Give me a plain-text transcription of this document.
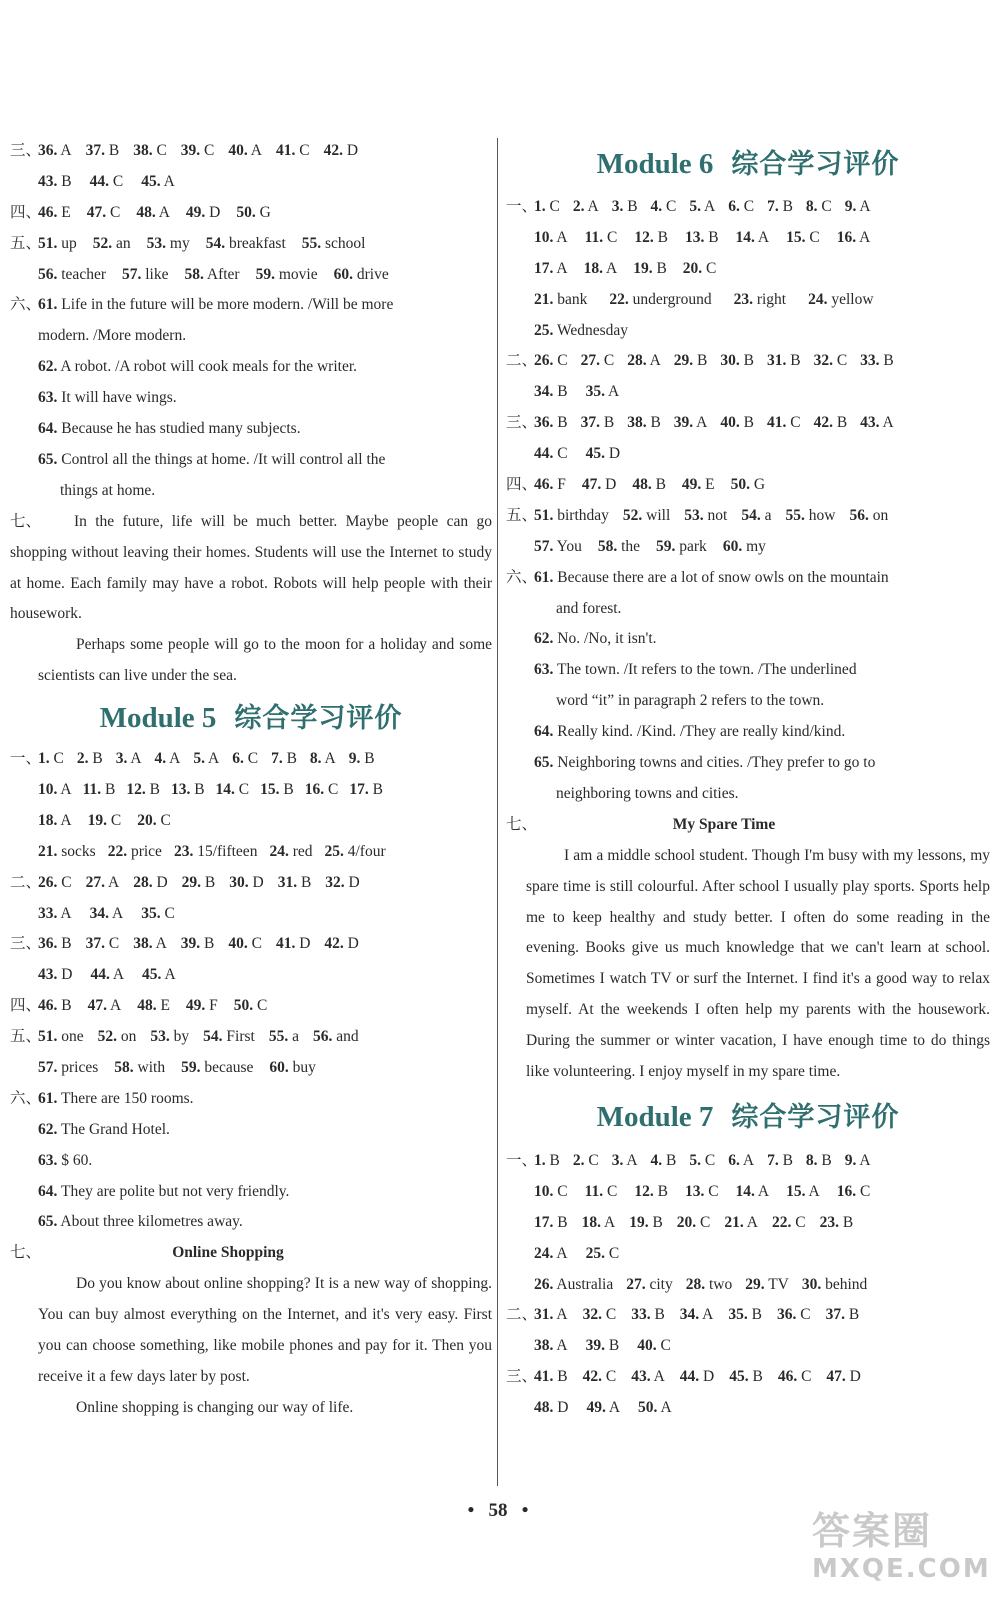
三、36. A 37. B 38. C 39. C 40. A 41. C 42. D
43. B 44. C 45. A
四、46. E 47. C 48. A 49. D 50. G
五、51. up 52. an 53. my 54. breakfast 55. school
56. teacher 57. like 58. After 59. movie 60. drive
六、61. Life in the future will be more modern. /Will be more
modern. /More modern.
62. A robot. /A robot will cook meals for the writer.
63. It will have wings.
64. Because he has studied many subjects.
65. Control all the things at home. /It will control all the
things at home.
七、	In the future, life will be much better. Maybe people can go shopping without leaving their homes. Students will use the Internet to study at home. Each family may have a robot. Robots will help people with their housework.

Perhaps some people will go to the moon for a holiday and some scientists can live under the sea.

Module 5 综合学习评价
一、1. C 2. B 3. A 4. A 5. A 6. C 7. B 8. A 9. B
10. A 11. B 12. B 13. B 14. C 15. B 16. C 17. B
18. A 19. C 20. C
21. socks 22. price 23. 15/fifteen 24. red 25. 4/four
二、26. C 27. A 28. D 29. B 30. D 31. B 32. D
33. A 34. A 35. C
三、36. B 37. C 38. A 39. B 40. C 41. D 42. D
43. D 44. A 45. A
四、46. B 47. A 48. E 49. F 50. C
五、51. one 52. on 53. by 54. First 55. a 56. and
57. prices 58. with 59. because 60. buy
六、61. There are 150 rooms.
62. The Grand Hotel.
63. $ 60.
64. They are polite but not very friendly.
65. About three kilometres away.
七、	Online Shopping

Do you know about online shopping? It is a new way of shopping. You can buy almost everything on the Internet, and it's very easy. First you can choose something, like mobile phones and pay for it. Then you receive it a few days later by post.

Online shopping is changing our way of life.

Module 6 综合学习评价
一、1. C 2. A 3. B 4. C 5. A 6. C 7. B 8. C 9. A
10. A 11. C 12. B 13. B 14. A 15. C 16. A
17. A 18. A 19. B 20. C
21. bank 22. underground 23. right 24. yellow
25. Wednesday
二、26. C 27. C 28. A 29. B 30. B 31. B 32. C 33. B
34. B 35. A
三、36. B 37. B 38. B 39. A 40. B 41. C 42. B 43. A
44. C 45. D
四、46. F 47. D 48. B 49. E 50. G
五、51. birthday 52. will 53. not 54. a 55. how 56. on
57. You 58. the 59. park 60. my
六、61. Because there are a lot of snow owls on the mountain
and forest.
62. No. /No, it isn't.
63. The town. /It refers to the town. /The underlined
word “it” in paragraph 2 refers to the town.
64. Really kind. /Kind. /They are really kind/kind.
65. Neighboring towns and cities. /They prefer to go to
neighboring towns and cities.
七、	My Spare Time

I am a middle school student. Though I'm busy with my lessons, my spare time is still colourful. After school I usually play sports. Sports help me to keep healthy and study better. I often do some reading in the evening. Books give us much knowledge that we can't learn at school. Sometimes I watch TV or surf the Internet. I find it's a good way to relax myself. At the weekends I often help my parents with the housework. During the summer or winter vacation, I have enough time to do things like volunteering. I enjoy myself in my spare time.

Module 7 综合学习评价
一、1. B 2. C 3. A 4. B 5. C 6. A 7. B 8. B 9. A
10. C 11. C 12. B 13. C 14. A 15. A 16. C
17. B 18. A 19. B 20. C 21. A 22. C 23. B
24. A 25. C
26. Australia 27. city 28. two 29. TV 30. behind
二、31. A 32. C 33. B 34. A 35. B 36. C 37. B
38. A 39. B 40. C
三、41. B 42. C 43. A 44. D 45. B 46. C 47. D
48. D 49. A 50. A
• 58 •	答案圈
MXQE.COM
